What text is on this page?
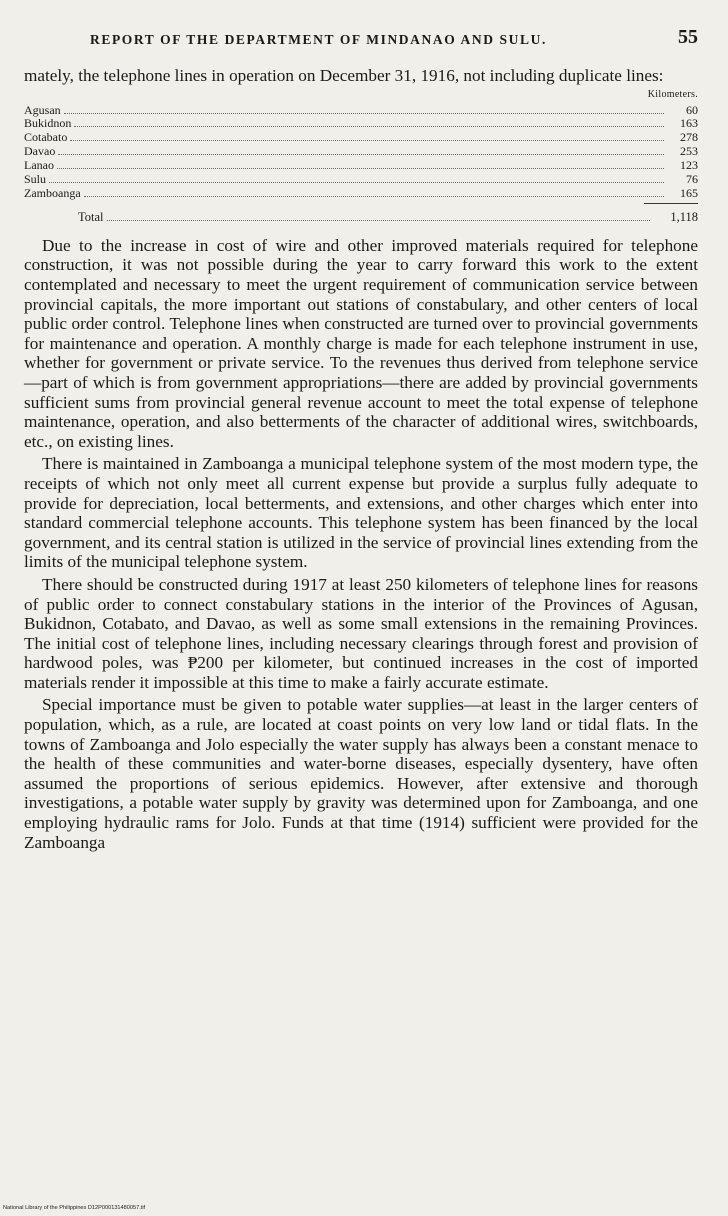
REPORT OF THE DEPARTMENT OF MINDANAO AND SULU.	55

mately, the telephone lines in operation on December 31, 1916, not including duplicate lines:

Kilometers.
Agusan	60
Bukidnon	163
Cotabato	278
Davao	253
Lanao	123
Sulu	76
Zamboanga	165
Total	1,118

Due to the increase in cost of wire and other improved materials required for telephone construction, it was not possible during the year to carry forward this work to the extent contemplated and necessary to meet the urgent requirement of communication service between provincial capitals, the more important out stations of constabulary, and other centers of local public order control. Telephone lines when constructed are turned over to provincial governments for maintenance and operation. A monthly charge is made for each telephone instrument in use, whether for government or private service. To the revenues thus derived from telephone service—part of which is from government appropriations—there are added by provincial governments sufficient sums from provincial general revenue account to meet the total expense of telephone maintenance, operation, and also betterments of the character of additional wires, switchboards, etc., on existing lines.

There is maintained in Zamboanga a municipal telephone system of the most modern type, the receipts of which not only meet all current expense but provide a surplus fully adequate to provide for depreciation, local betterments, and extensions, and other charges which enter into standard commercial telephone accounts. This telephone system has been financed by the local government, and its central station is utilized in the service of provincial lines extending from the limits of the municipal telephone system.

There should be constructed during 1917 at least 250 kilometers of telephone lines for reasons of public order to connect constabulary stations in the interior of the Provinces of Agusan, Bukidnon, Cotabato, and Davao, as well as some small extensions in the remaining Provinces. The initial cost of telephone lines, including necessary clearings through forest and provision of hardwood poles, was ₱200 per kilometer, but continued increases in the cost of imported materials render it impossible at this time to make a fairly accurate estimate.

Special importance must be given to potable water supplies—at least in the larger centers of population, which, as a rule, are located at coast points on very low land or tidal flats. In the towns of Zamboanga and Jolo especially the water supply has always been a constant menace to the health of these communities and water-borne diseases, especially dysentery, have often assumed the proportions of serious epidemics. However, after extensive and thorough investigations, a potable water supply by gravity was determined upon for Zamboanga, and one employing hydraulic rams for Jolo. Funds at that time (1914) sufficient were provided for the Zamboanga

National Library of the Philippines D12P000131480057.tif
